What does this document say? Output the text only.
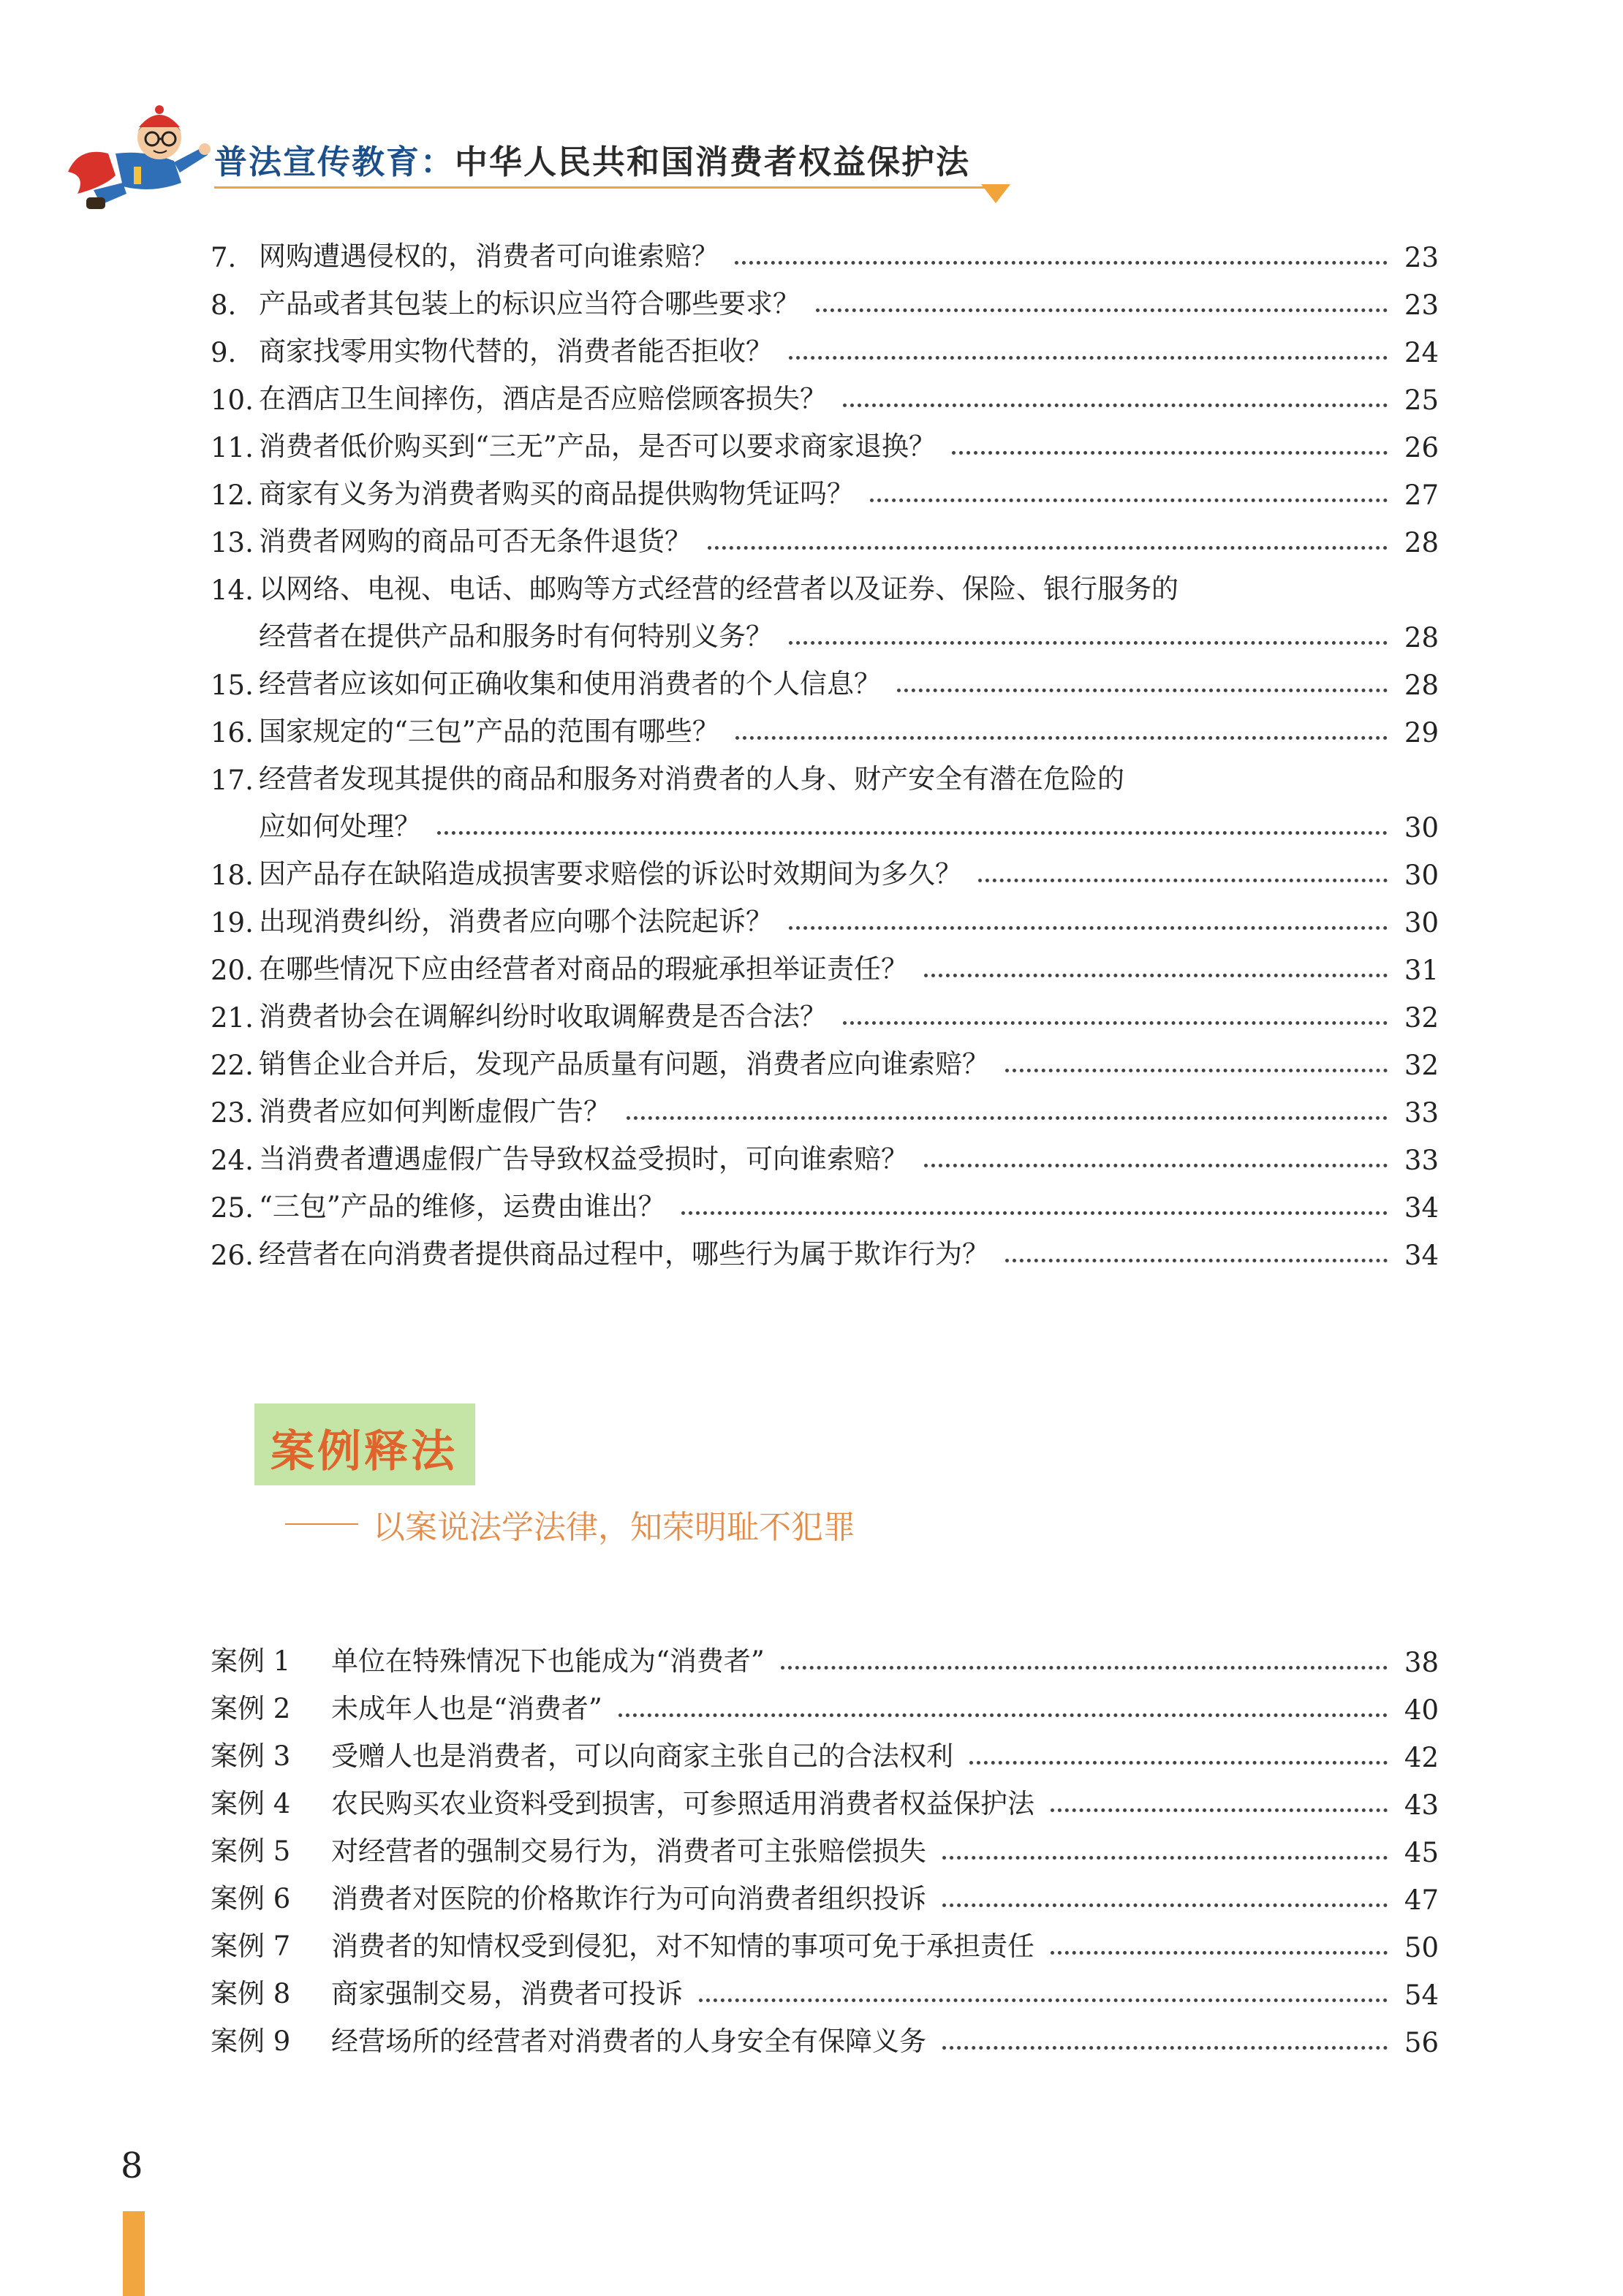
普法宣传教育：中华人民共和国消费者权益保护法
7. 网购遭遇侵权的，消费者可向谁索赔？	23
8. 产品或者其包装上的标识应当符合哪些要求？	23
9. 商家找零用实物代替的，消费者能否拒收？	24
10. 在酒店卫生间摔伤，酒店是否应赔偿顾客损失？	25
11. 消费者低价购买到“三无”产品，是否可以要求商家退换？	26
12. 商家有义务为消费者购买的商品提供购物凭证吗？	27
13. 消费者网购的商品可否无条件退货？	28
14. 以网络、电视、电话、邮购等方式经营的经营者以及证券、保险、银行服务的
经营者在提供产品和服务时有何特别义务？	28
15. 经营者应该如何正确收集和使用消费者的个人信息？	28
16. 国家规定的“三包”产品的范围有哪些？	29
17. 经营者发现其提供的商品和服务对消费者的人身、财产安全有潜在危险的
应如何处理？	30
18. 因产品存在缺陷造成损害要求赔偿的诉讼时效期间为多久？	30
19. 出现消费纠纷，消费者应向哪个法院起诉？	30
20. 在哪些情况下应由经营者对商品的瑕疵承担举证责任？	31
21. 消费者协会在调解纠纷时收取调解费是否合法？	32
22. 销售企业合并后，发现产品质量有问题，消费者应向谁索赔？	32
23. 消费者应如何判断虚假广告？	33
24. 当消费者遭遇虚假广告导致权益受损时，可向谁索赔？	33
25. “三包”产品的维修，运费由谁出？	34
26. 经营者在向消费者提供商品过程中，哪些行为属于欺诈行为？	34
案例释法
以案说法学法律，知荣明耻不犯罪
案例 1	单位在特殊情况下也能成为“消费者”	38
案例 2	未成年人也是“消费者”	40
案例 3	受赠人也是消费者，可以向商家主张自己的合法权利	42
案例 4	农民购买农业资料受到损害，可参照适用消费者权益保护法	43
案例 5	对经营者的强制交易行为，消费者可主张赔偿损失	45
案例 6	消费者对医院的价格欺诈行为可向消费者组织投诉	47
案例 7	消费者的知情权受到侵犯，对不知情的事项可免于承担责任	50
案例 8	商家强制交易，消费者可投诉	54
案例 9	经营场所的经营者对消费者的人身安全有保障义务	56
8
